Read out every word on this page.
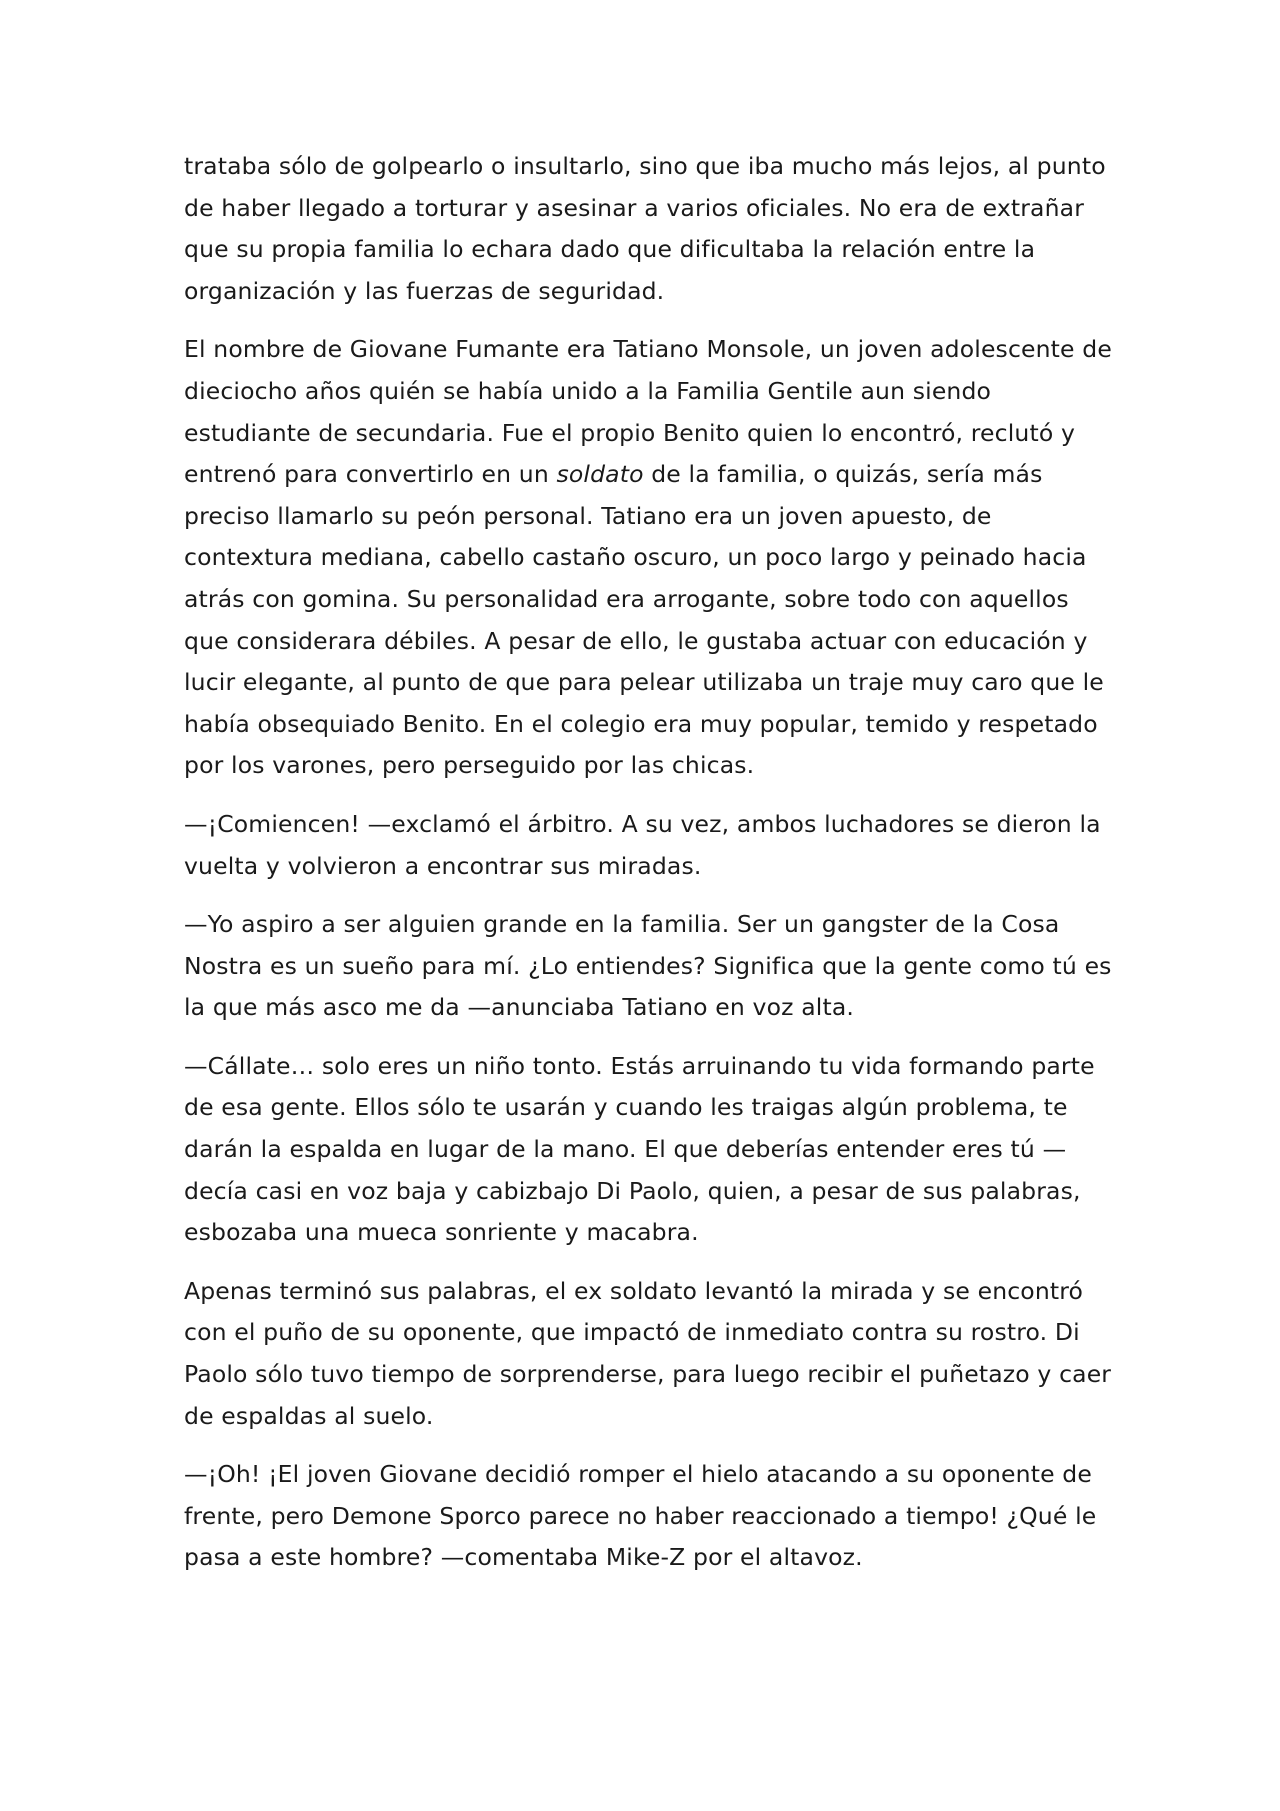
trataba sólo de golpearlo o insultarlo, sino que iba mucho más lejos, al punto de haber llegado a torturar y asesinar a varios oficiales. No era de extrañar que su propia familia lo echara dado que dificultaba la relación entre la organización y las fuerzas de seguridad.

El nombre de Giovane Fumante era Tatiano Monsole, un joven adolescente de dieciocho años quién se había unido a la Familia Gentile aun siendo estudiante de secundaria. Fue el propio Benito quien lo encontró, reclutó y entrenó para convertirlo en un soldato de la familia, o quizás, sería más preciso llamarlo su peón personal. Tatiano era un joven apuesto, de contextura mediana, cabello castaño oscuro, un poco largo y peinado hacia atrás con gomina. Su personalidad era arrogante, sobre todo con aquellos que considerara débiles. A pesar de ello, le gustaba actuar con educación y lucir elegante, al punto de que para pelear utilizaba un traje muy caro que le había obsequiado Benito. En el colegio era muy popular, temido y respetado por los varones, pero perseguido por las chicas.

—¡Comiencen! —exclamó el árbitro. A su vez, ambos luchadores se dieron la vuelta y volvieron a encontrar sus miradas.

—Yo aspiro a ser alguien grande en la familia. Ser un gangster de la Cosa Nostra es un sueño para mí. ¿Lo entiendes? Significa que la gente como tú es la que más asco me da —anunciaba Tatiano en voz alta.

—Cállate… solo eres un niño tonto. Estás arruinando tu vida formando parte de esa gente. Ellos sólo te usarán y cuando les traigas algún problema, te darán la espalda en lugar de la mano. El que deberías entender eres tú —decía casi en voz baja y cabizbajo Di Paolo, quien, a pesar de sus palabras, esbozaba una mueca sonriente y macabra.

Apenas terminó sus palabras, el ex soldato levantó la mirada y se encontró con el puño de su oponente, que impactó de inmediato contra su rostro. Di Paolo sólo tuvo tiempo de sorprenderse, para luego recibir el puñetazo y caer de espaldas al suelo.

—¡Oh! ¡El joven Giovane decidió romper el hielo atacando a su oponente de frente, pero Demone Sporco parece no haber reaccionado a tiempo! ¿Qué le pasa a este hombre? —comentaba Mike-Z por el altavoz.
